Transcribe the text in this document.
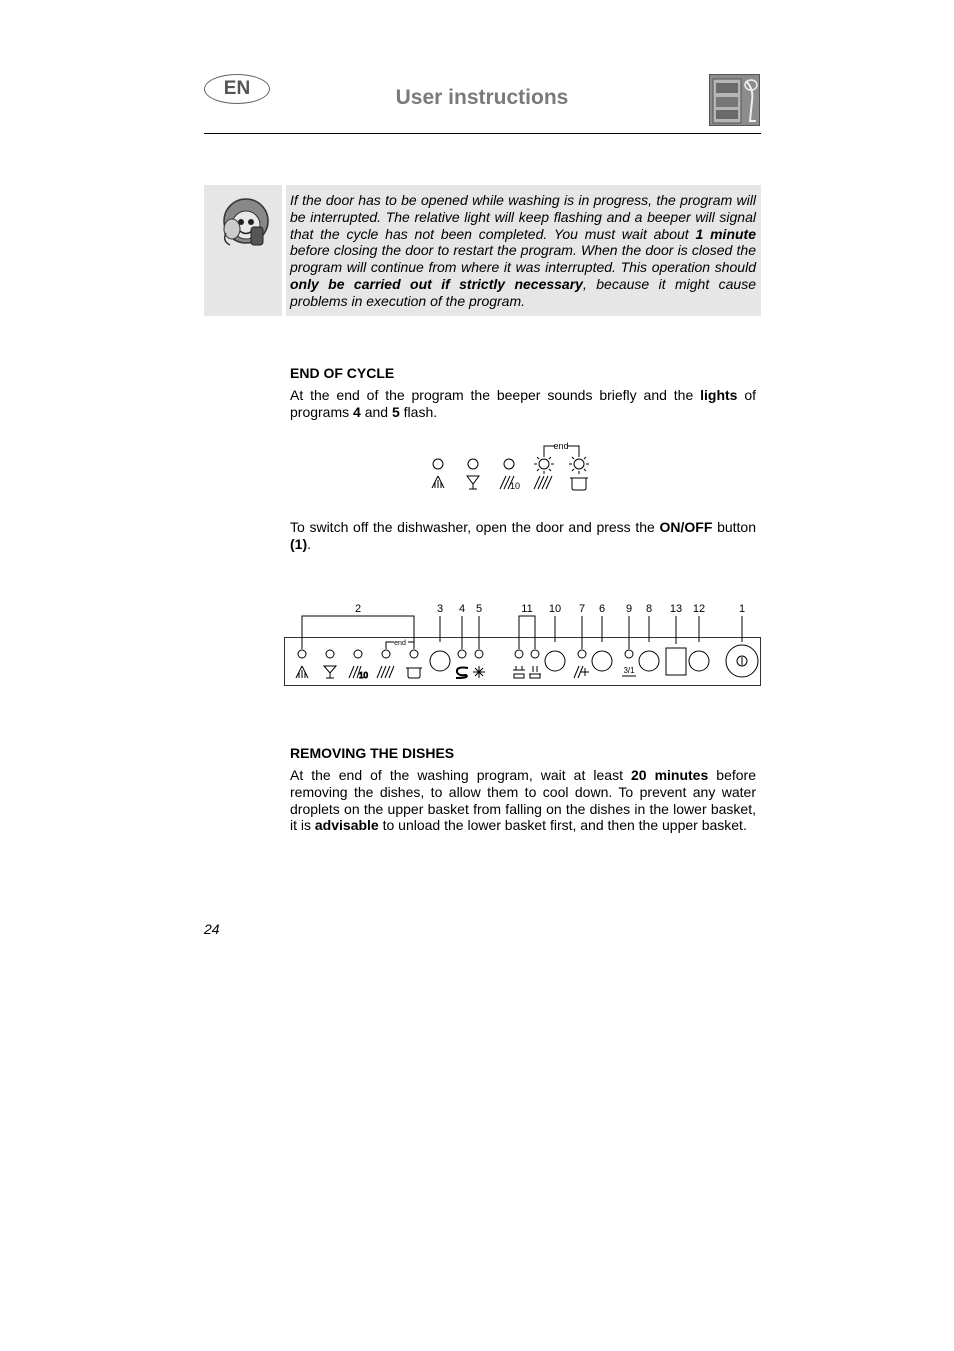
EN	User instructions
If the door has to be opened while washing is in progress, the program will be interrupted. The relative light will keep flashing and a beeper will signal that the cycle has not been completed. You must wait about 1 minute before closing the door to restart the program. When the door is closed the program will continue from where it was interrupted. This operation should only be carried out if strictly necessary, because it might cause problems in execution of the program.
END OF CYCLE
At the end of the program the beeper sounds briefly and the lights of programs 4 and 5 flash.
10
end
To switch off the dishwasher, open the door and press the ON/OFF button (1).
2	3 4 5	11 10 7 6 9 8 13 12	1
end
10
3/1
REMOVING THE DISHES
At the end of the washing program, wait at least 20 minutes before removing the dishes, to allow them to cool down. To prevent any water droplets on the upper basket from falling on the dishes in the lower basket, it is advisable to unload the lower basket first, and then the upper basket.
24
